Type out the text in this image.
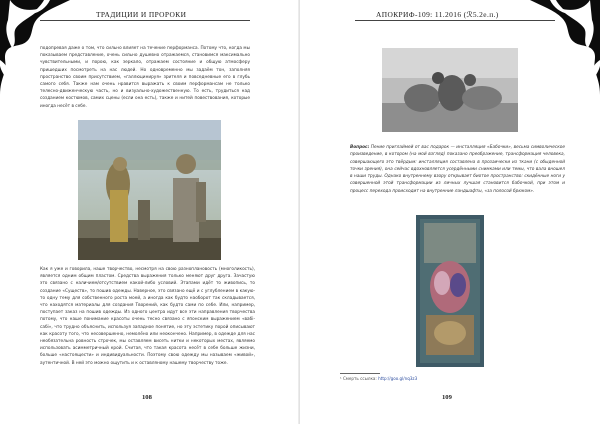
ТРАДИЦИИ И ПРОРОКИ

подопревая даже о том, что сильно влияет на течение перформанса. Потому что, когда мы показываем представление, очень сильно душевно отражаемся, становимся максимально чувствительными, и порою, как зеркало, отражаем состояние и общую атмосферу пришедших посмотреть на нас людей. Но одновременно мы задаём тон, заполняя пространство своим присутствием, «галлюцинируя» зрителя и повседневные его в глубь самого себя. Также нам очень нравится выражать к своим перформансам не только телесно-движенческую часть, но и визуально-художественную. То есть, трудиться над созданием костюмов, самих сцены (если она есть), также и нитей повествования, которые иногда несёт в себе.

Как я уже и говорила, наше творчество, несмотря на свою разноплановость (многоликость), является одним общим пластом. Средства выражения только меняют друг друга. Зачастую это связано с наличием/отсутствием какой-либо условий. Этапами идёт то живопись, то создание «Существ», то пошив одежды. Наверное, это связано ещё и с углублением в какую-то одну тему для собственного роста моей, а иногда как будто наоборот так складывается, что находятся материалы для создания Творений, как будто сами по себе. Или, например, поступает заказ на пошив одежды. Из одного центра идут все эти направления творчества потому, что наше понимание красоты очень тесно связано с японским выражением «вабі-сабі», что трудно объяснить, используя западное понятие, но эту эстетику порой описывают как красоту того, что несовершенно, немолёно или неокончено. Например, в одежде для нас необязательна ровность строчек, мы оставляем висеть нитки и некоторых местах, являемо использовать асимметричный крой. Считая, что такая красота несёт в себе больше жизни, больше «настоящести» и индивидуальности. Поэтому свою одежду мы называем «живой», аутентичной. В ней это можно ощутить и к оставляному нашему творчеству тоже.

108
АПОКРИФ-109: 11.2016 (ℛ5.2е.п.)

Вопрос: Пение приглаймей от вас подарок — инсталляция «Бабочки», весьма символическое произведение, в котором (на мой взгляд) показано преображение, трансформация человека, совершающего это твёрдым: инсталляция составлена в прозаически из ткани (с обыденной точки зрения), она сейчас вдохновляется усердёнными снимками или темы, что вала вношел в наши труды. Однако внутреннему взору открывает биотое пространство: скидённые ноги у совершенной этой трансформации из личных лучшая становится бабочкой, при этом и процесс перехода происходит на внутренние ландшафты, «за полосой брюком».

¹ Смерть ссылка: http://goo.gl/nq3z3
109
